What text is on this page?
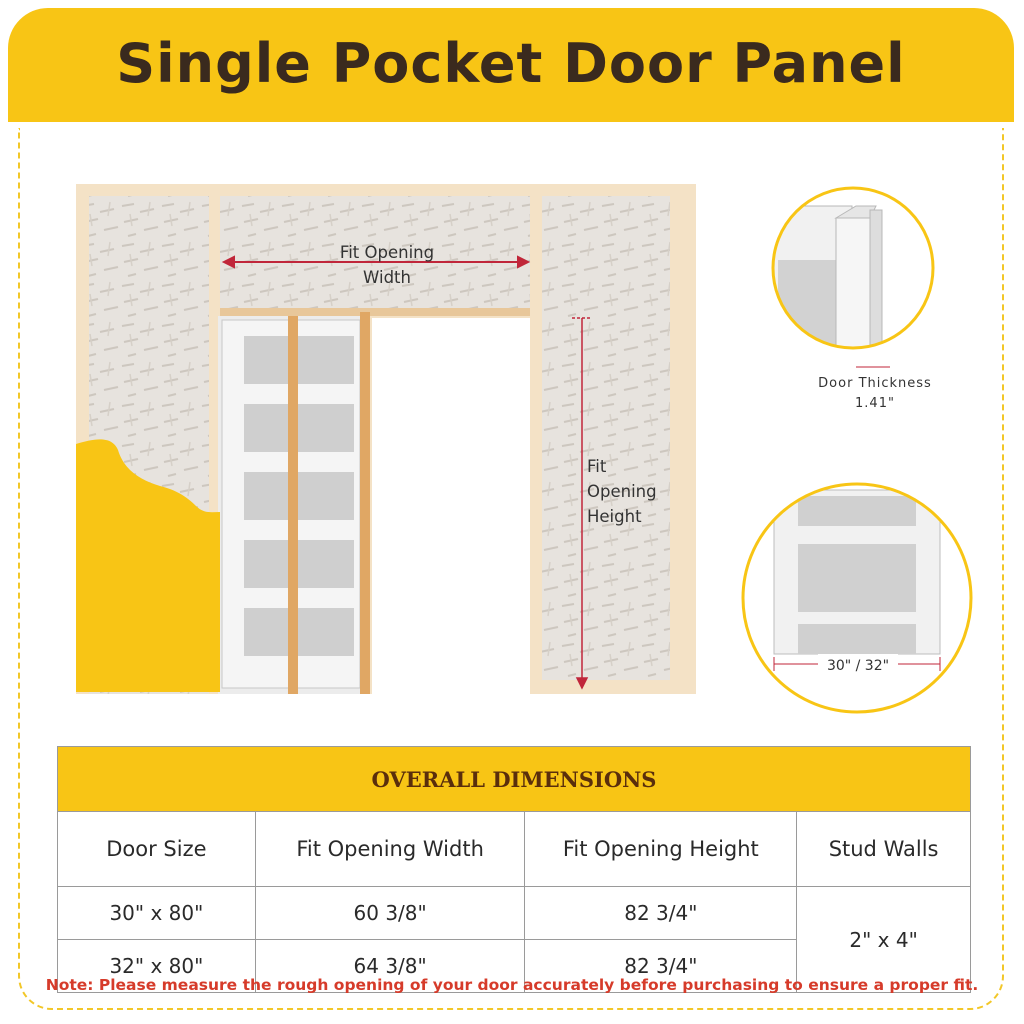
Single Pocket Door Panel
Fit Opening
Width
Fit
Opening
Height
Door Thickness
1.41"
30" / 32"
OVERALL DIMENSIONS			
Door Size	Fit Opening Width	Fit Opening Height	Stud Walls
30" x 80"	60 3/8"	82 3/4"	2" x 4"
32" x 80"	64 3/8"	82 3/4"	
Note: Please measure the rough opening of your door accurately before purchasing to ensure a proper fit.
